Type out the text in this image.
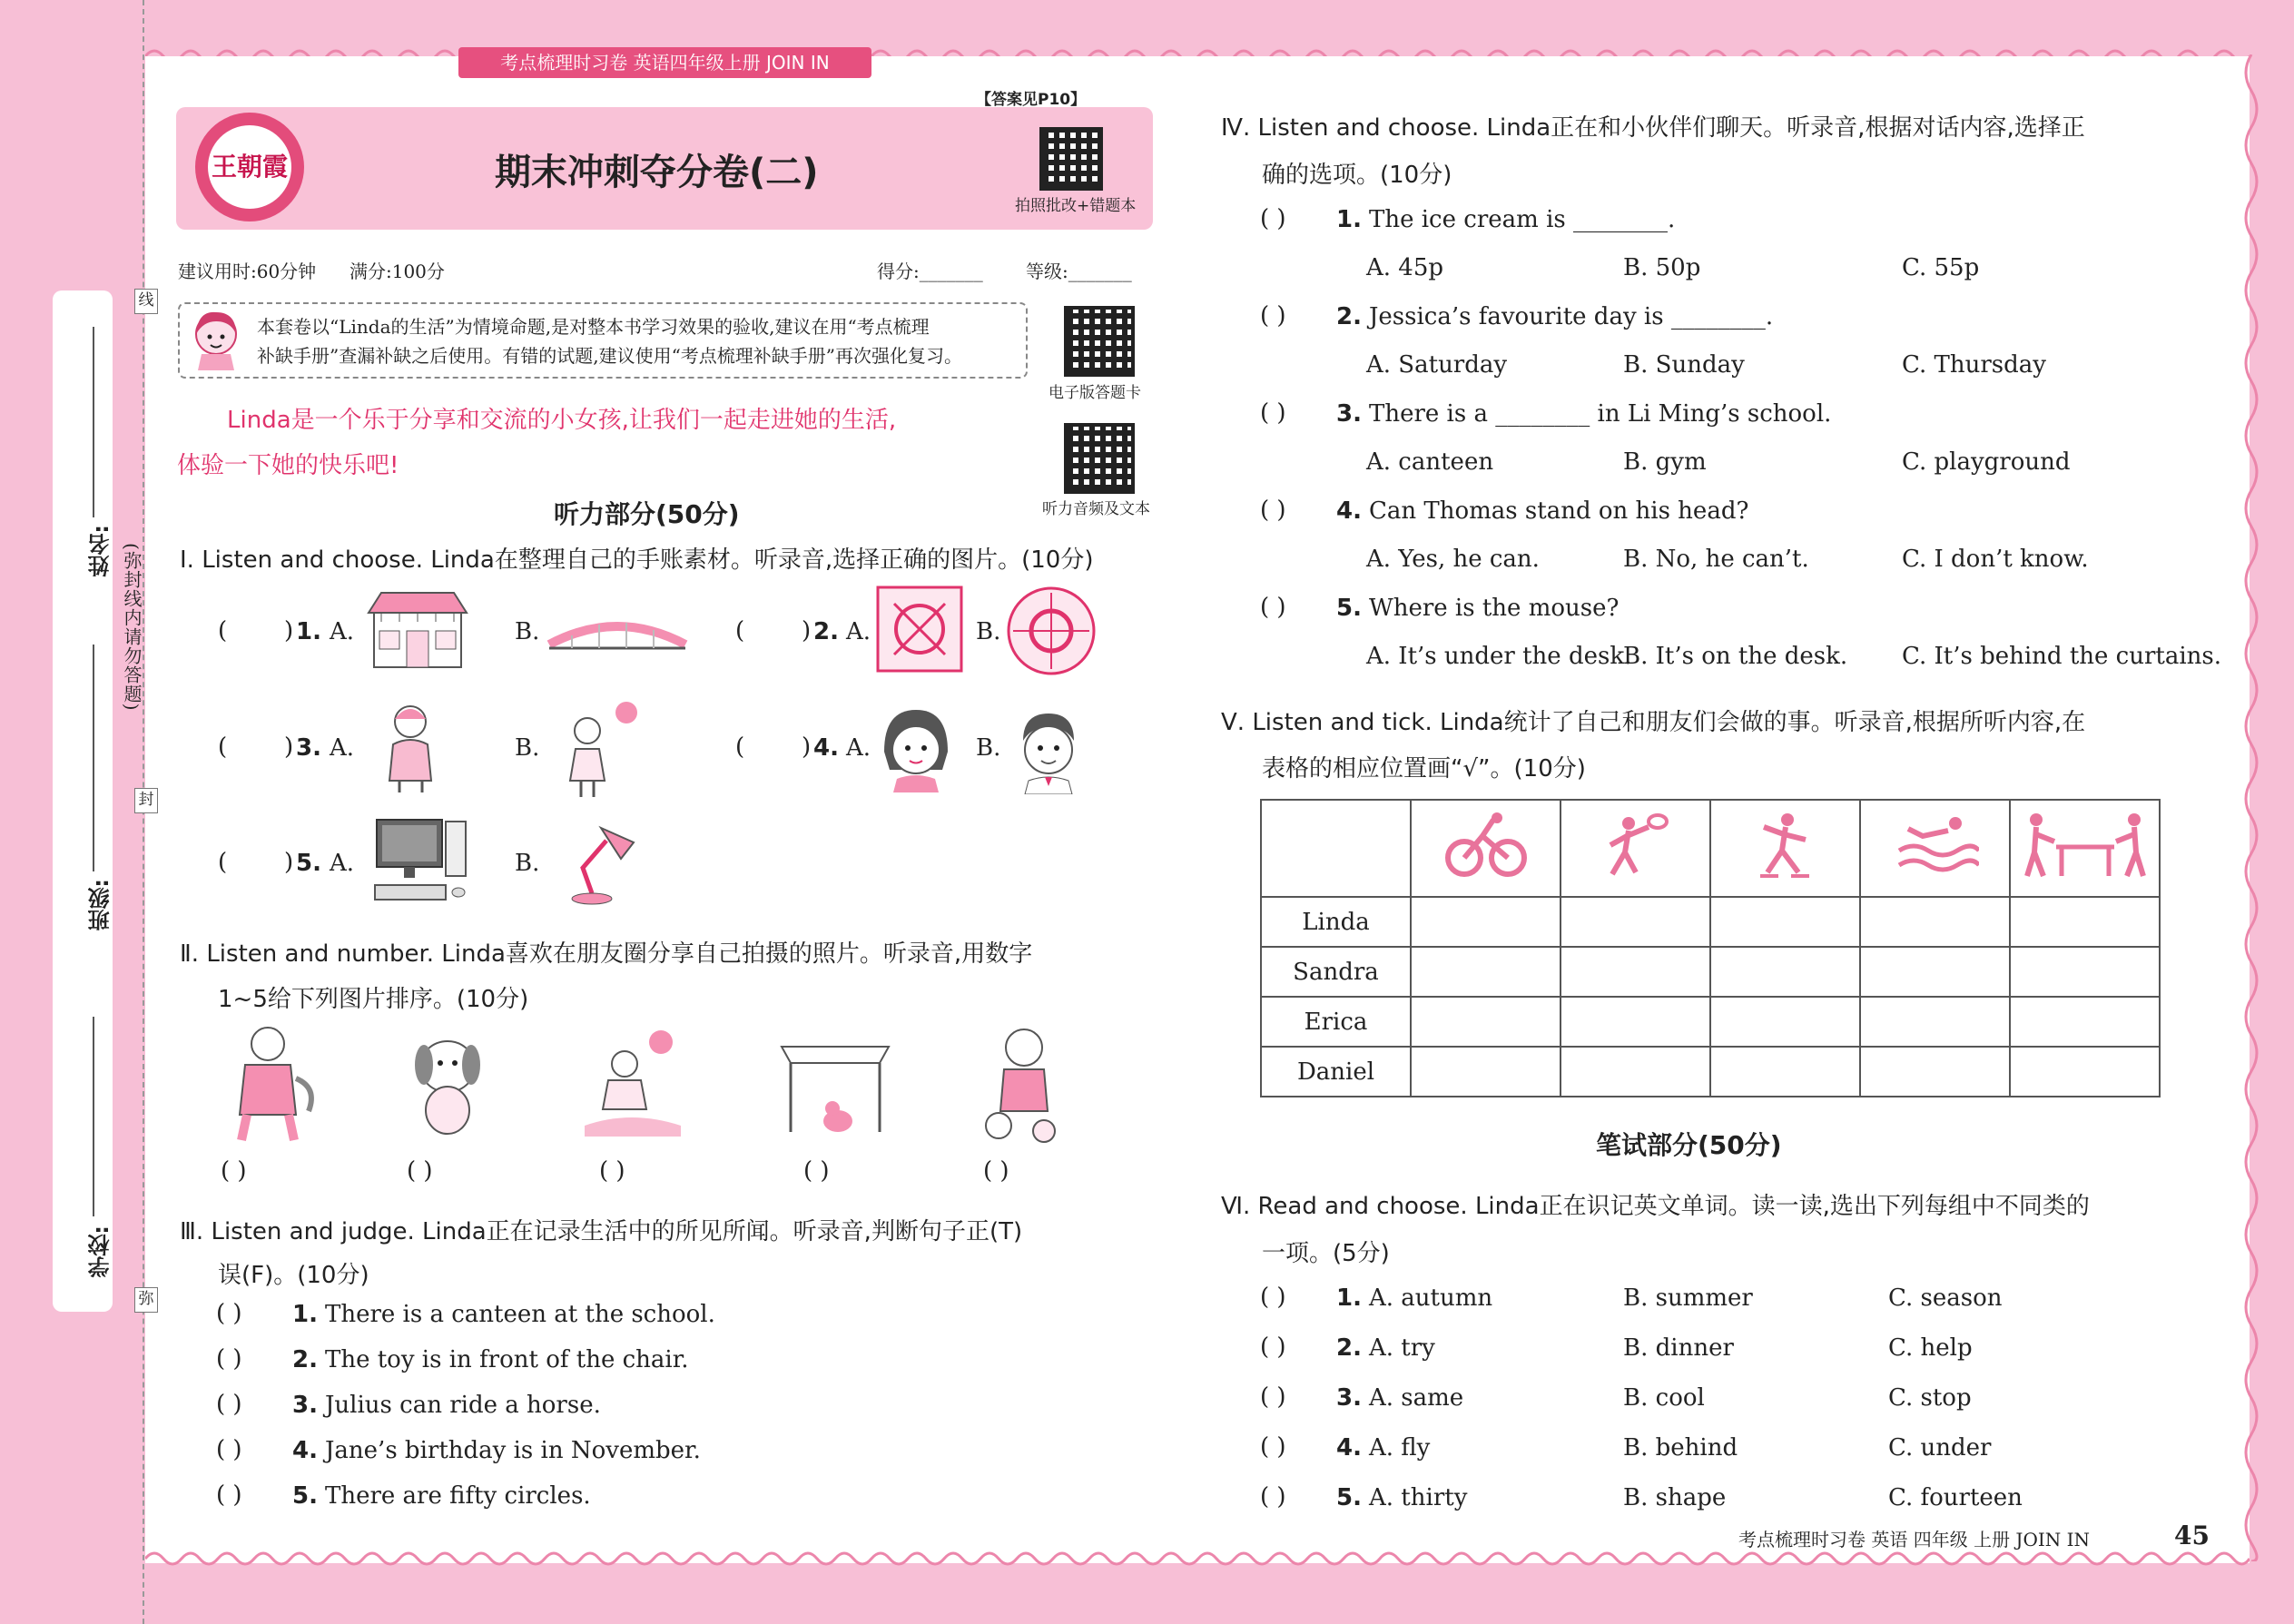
姓名:
班级:
学校:
线
封
弥
(弥封线内请勿答题)
考点梳理时习卷 英语四年级上册 JOIN IN
王朝霞	期末冲刺夺分卷(二)
【答案见P10】
拍照批改+错题本
建议用时:60分钟 满分:100分	得分:_______ 等级:_______
本套卷以“Linda的生活”为情境命题,是对整本书学习效果的验收,建议在用“考点梳理
补缺手册”查漏补缺之后使用。有错的试题,建议使用“考点梳理补缺手册”再次强化复习。
电子版答题卡
听力音频及文本
Linda是一个乐于分享和交流的小女孩,让我们一起走进她的生活,
体验一下她的快乐吧!
听力部分(50分)
Ⅰ. Listen and choose. Linda在整理自己的手账素材。听录音,选择正确的图片。(10分)
( ) 1. A.	B.	( ) 2. A.	B.
( ) 3. A.	B.	( ) 4. A.	B.
( ) 5. A.	B.
Ⅱ. Listen and number. Linda喜欢在朋友圈分享自己拍摄的照片。听录音,用数字
1~5给下列图片排序。(10分)
( )	( )	( )	( )	( )
Ⅲ. Listen and judge. Linda正在记录生活中的所见所闻。听录音,判断句子正(T)
误(F)。(10分)
Ⅳ. Listen and choose. Linda正在和小伙伴们聊天。听录音,根据对话内容,选择正
确的选项。(10分)
Ⅴ. Listen and tick. Linda统计了自己和朋友们会做的事。听录音,根据所听内容,在
表格的相应位置画“√”。(10分)

Linda					
Sandra					
Erica					
Daniel					
笔试部分(50分)
Ⅵ. Read and choose. Linda正在识记英文单词。读一读,选出下列每组中不同类的
一项。(5分)
考点梳理时习卷 英语 四年级 上册 JOIN IN	45
( ) 1. There is a canteen at the school.
( ) 2. The toy is in front of the chair.
( ) 3. Julius can ride a horse.
( ) 4. Jane’s birthday is in November.
( ) 5. There are fifty circles.
( ) 1. The ice cream is ________.
A. 45p	B. 50p	C. 55p
( ) 2. Jessica’s favourite day is ________.
A. Saturday	B. Sunday	C. Thursday
( ) 3. There is a ________ in Li Ming’s school.
A. canteen	B. gym	C. playground
( ) 4. Can Thomas stand on his head?
A. Yes, he can.	B. No, he can’t.	C. I don’t know.
( ) 5. Where is the mouse?
A. It’s under the desk.
B. It’s on the desk. C. It’s behind the curtains.
( ) 1. A. autumn	B. summer	C. season
( ) 2. A. try	B. dinner	C. help
( ) 3. A. same	B. cool	C. stop
( ) 4. A. fly	B. behind	C. under
( ) 5. A. thirty	B. shape	C. fourteen
